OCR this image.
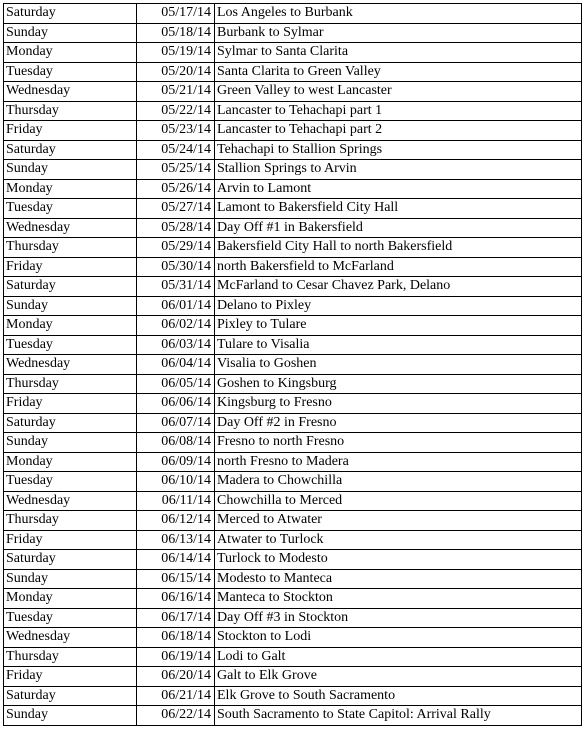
Saturday	05/17/14	Los Angeles to Burbank
Sunday	05/18/14	Burbank to Sylmar
Monday	05/19/14	Sylmar to Santa Clarita
Tuesday	05/20/14	Santa Clarita to Green Valley
Wednesday	05/21/14	Green Valley to west Lancaster
Thursday	05/22/14	Lancaster to Tehachapi part 1
Friday	05/23/14	Lancaster to Tehachapi part 2
Saturday	05/24/14	Tehachapi to Stallion Springs
Sunday	05/25/14	Stallion Springs to Arvin
Monday	05/26/14	Arvin to Lamont
Tuesday	05/27/14	Lamont to Bakersfield City Hall
Wednesday	05/28/14	Day Off #1 in Bakersfield
Thursday	05/29/14	Bakersfield City Hall to north Bakersfield
Friday	05/30/14	north Bakersfield to McFarland
Saturday	05/31/14	McFarland to Cesar Chavez Park, Delano
Sunday	06/01/14	Delano to Pixley
Monday	06/02/14	Pixley to Tulare
Tuesday	06/03/14	Tulare to Visalia
Wednesday	06/04/14	Visalia to Goshen
Thursday	06/05/14	Goshen to Kingsburg
Friday	06/06/14	Kingsburg to Fresno
Saturday	06/07/14	Day Off #2 in Fresno
Sunday	06/08/14	Fresno to north Fresno
Monday	06/09/14	north Fresno to Madera
Tuesday	06/10/14	Madera to Chowchilla
Wednesday	06/11/14	Chowchilla to Merced
Thursday	06/12/14	Merced to Atwater
Friday	06/13/14	Atwater to Turlock
Saturday	06/14/14	Turlock to Modesto
Sunday	06/15/14	Modesto to Manteca
Monday	06/16/14	Manteca to Stockton
Tuesday	06/17/14	Day Off #3 in Stockton
Wednesday	06/18/14	Stockton to Lodi
Thursday	06/19/14	Lodi to Galt
Friday	06/20/14	Galt to Elk Grove
Saturday	06/21/14	Elk Grove to South Sacramento
Sunday	06/22/14	South Sacramento to State Capitol: Arrival Rally
